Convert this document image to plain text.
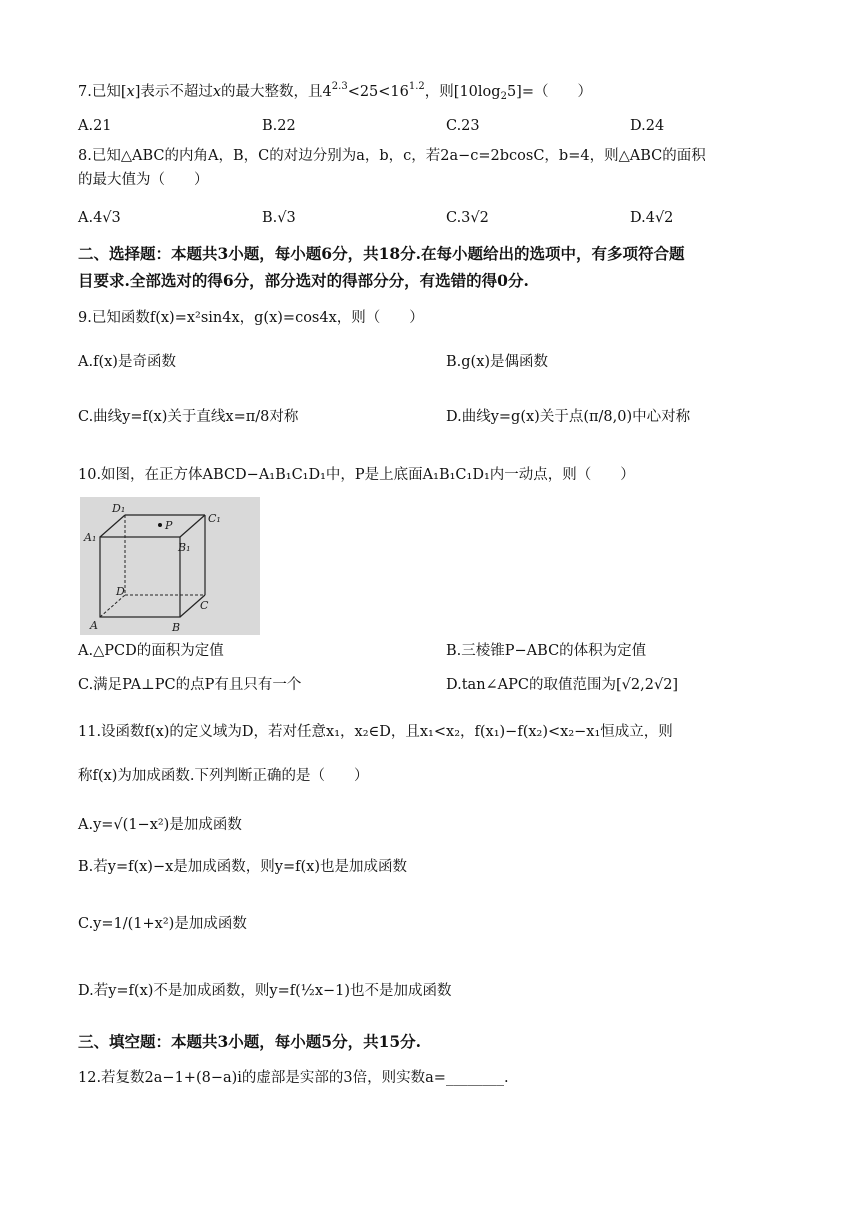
7.已知[x]表示不超过x的最大整数，且$4^{2.3}<25<16^{1.2}$，则$[10\log_25]=$（　　）
A.21	B.22	C.23	D.24
8.已知△ABC的内角A，B，C的对边分别为a，b，c，若2a−c=2bcosC，b=4，则△ABC的面积
的最大值为（　　）
A.4√3	B.√3	C.3√2	D.4√2
二、选择题：本题共3小题，每小题6分，共18分.在每小题给出的选项中，有多项符合题
目要求.全部选对的得6分，部分选对的得部分分，有选错的得0分.
9.已知函数f(x)=x²sin4x，g(x)=cos4x，则（　　）
A.f(x)是奇函数	B.g(x)是偶函数
C.曲线y=f(x)关于直线x=π/8对称	D.曲线y=g(x)关于点(π/8,0)中心对称
10.如图，在正方体ABCD−A₁B₁C₁D₁中，P是上底面A₁B₁C₁D₁内一动点，则（　　）
D₁
P
C₁
A₁
B₁
D
C
A	B
A.△PCD的面积为定值	B.三棱锥P−ABC的体积为定值
C.满足PA⊥PC的点P有且只有一个	D.tan∠APC的取值范围为[√2,2√2]
11.设函数f(x)的定义域为D，若对任意x₁，x₂∈D，且x₁<x₂，f(x₁)−f(x₂)<x₂−x₁恒成立，则
称f(x)为加成函数.下列判断正确的是（　　）
A.y=√(1−x²)是加成函数
B.若y=f(x)−x是加成函数，则y=f(x)也是加成函数
C.y=1/(1+x²)是加成函数
D.若y=f(x)不是加成函数，则y=f(½x−1)也不是加成函数
三、填空题：本题共3小题，每小题5分，共15分.
12.若复数2a−1+(8−a)i的虚部是实部的3倍，则实数a=________.
